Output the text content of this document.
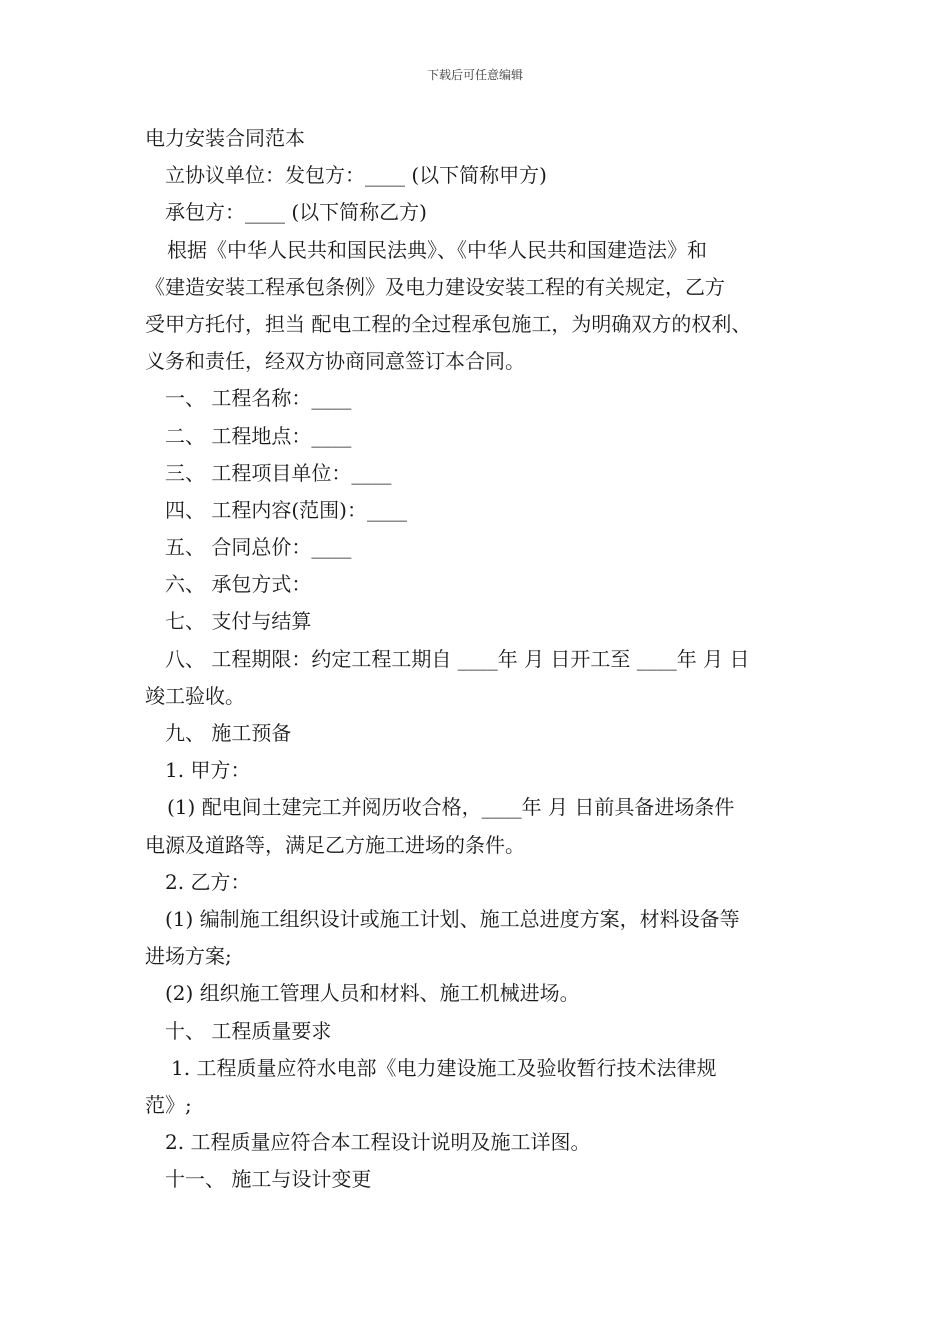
下载后可任意编辑
电力安装合同范本
立协议单位：发包方：____ (以下简称甲方)
承包方：____ (以下简称乙方)
根据《中华人民共和国民法典》、《中华人民共和国建造法》和
《建造安装工程承包条例》及电力建设安装工程的有关规定，乙方
受甲方托付，担当 配电工程的全过程承包施工，为明确双方的权利、
义务和责任，经双方协商同意签订本合同。
一、 工程名称：____
二、 工程地点：____
三、 工程项目单位：____
四、 工程内容(范围)：____
五、 合同总价：____
六、 承包方式：
七、 支付与结算
八、 工程期限：约定工程工期自 ____年 月 日开工至 ____年 月 日
竣工验收。
九、 施工预备
1. 甲方：
(1) 配电间土建完工并阅历收合格，____年 月 日前具备进场条件
电源及道路等，满足乙方施工进场的条件。
2. 乙方：
(1) 编制施工组织设计或施工计划、施工总进度方案，材料设备等
进场方案;
(2) 组织施工管理人员和材料、施工机械进场。
十、 工程质量要求
1. 工程质量应符水电部《电力建设施工及验收暂行技术法律规
范》;
2. 工程质量应符合本工程设计说明及施工详图。
十一、 施工与设计变更
